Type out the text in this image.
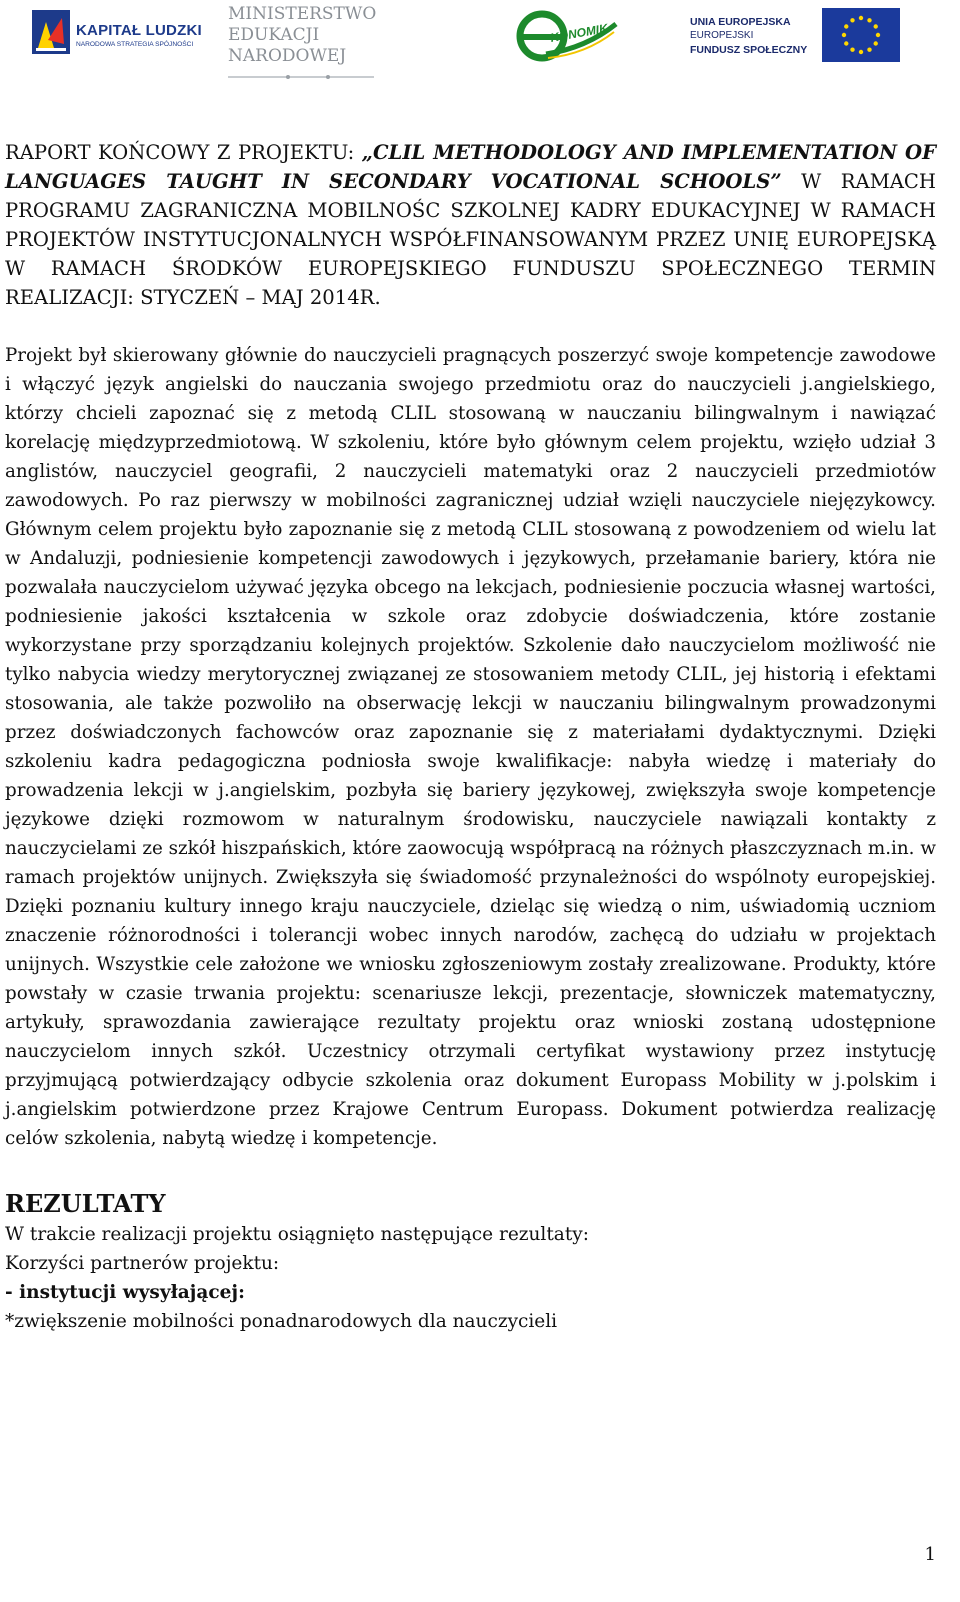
KAPITAŁ LUDZKI
NARODOWA STRATEGIA SPÓJNOŚCI
MINISTERSTWO
EDUKACJI
NARODOWEJ
KONOMIK	UNIA EUROPEJSKA
EUROPEJSKI
FUNDUSZ SPOŁECZNY

RAPORT KOŃCOWY Z PROJEKTU: „CLIL METHODOLOGY AND IMPLEMENTATION OF LANGUAGES TAUGHT IN SECONDARY VOCATIONAL SCHOOLS” W RAMACH PROGRAMU ZAGRANICZNA MOBILNOŚC SZKOLNEJ KADRY EDUKACYJNEJ W RAMACH PROJEKTÓW INSTYTUCJONALNYCH WSPÓŁFINANSOWANYM PRZEZ UNIĘ EUROPEJSKĄ W RAMACH ŚRODKÓW EUROPEJSKIEGO FUNDUSZU SPOŁECZNEGO TERMIN REALIZACJI: STYCZEŃ – MAJ 2014R.

Projekt był skierowany głównie do nauczycieli pragnących poszerzyć swoje kompetencje zawodowe i włączyć język angielski do nauczania swojego przedmiotu oraz do nauczycieli j.angielskiego, którzy chcieli zapoznać się z metodą CLIL stosowaną w nauczaniu bilingwalnym i nawiązać korelację międzyprzedmiotową. W szkoleniu, które było głównym celem projektu, wzięło udział 3 anglistów, nauczyciel geografii, 2 nauczycieli matematyki oraz 2 nauczycieli przedmiotów zawodowych. Po raz pierwszy w mobilności zagranicznej udział wzięli nauczyciele niejęzykowcy. Głównym celem projektu było zapoznanie się z metodą CLIL stosowaną z powodzeniem od wielu lat w Andaluzji, podniesienie kompetencji zawodowych i językowych, przełamanie bariery, która nie pozwalała nauczycielom używać języka obcego na lekcjach, podniesienie poczucia własnej wartości, podniesienie jakości kształcenia w szkole oraz zdobycie doświadczenia, które zostanie wykorzystane przy sporządzaniu kolejnych projektów. Szkolenie dało nauczycielom możliwość nie tylko nabycia wiedzy merytorycznej związanej ze stosowaniem metody CLIL, jej historią i efektami stosowania, ale także pozwoliło na obserwację lekcji w nauczaniu bilingwalnym prowadzonymi przez doświadczonych fachowców oraz zapoznanie się z materiałami dydaktycznymi. Dzięki szkoleniu kadra pedagogiczna podniosła swoje kwalifikacje: nabyła wiedzę i materiały do prowadzenia lekcji w j.angielskim, pozbyła się bariery językowej, zwiększyła swoje kompetencje językowe dzięki rozmowom w naturalnym środowisku, nauczyciele nawiązali kontakty z nauczycielami ze szkół hiszpańskich, które zaowocują współpracą na różnych płaszczyznach m.in. w ramach projektów unijnych. Zwiększyła się świadomość przynależności do wspólnoty europejskiej. Dzięki poznaniu kultury innego kraju nauczyciele, dzieląc się wiedzą o nim, uświadomią uczniom znaczenie różnorodności i tolerancji wobec innych narodów, zachęcą do udziału w projektach unijnych. Wszystkie cele założone we wniosku zgłoszeniowym zostały zrealizowane. Produkty, które powstały w czasie trwania projektu: scenariusze lekcji, prezentacje, słowniczek matematyczny, artykuły, sprawozdania zawierające rezultaty projektu oraz wnioski zostaną udostępnione nauczycielom innych szkół. Uczestnicy otrzymali certyfikat wystawiony przez instytucję przyjmującą potwierdzający odbycie szkolenia oraz dokument Europass Mobility w j.polskim i j.angielskim potwierdzone przez Krajowe Centrum Europass. Dokument potwierdza realizację celów szkolenia, nabytą wiedzę i kompetencje.

REZULTATY

W trakcie realizacji projektu osiągnięto następujące rezultaty:

Korzyści partnerów projektu:

- instytucji wysyłającej:

*zwiększenie mobilności ponadnarodowych dla nauczycieli

1
